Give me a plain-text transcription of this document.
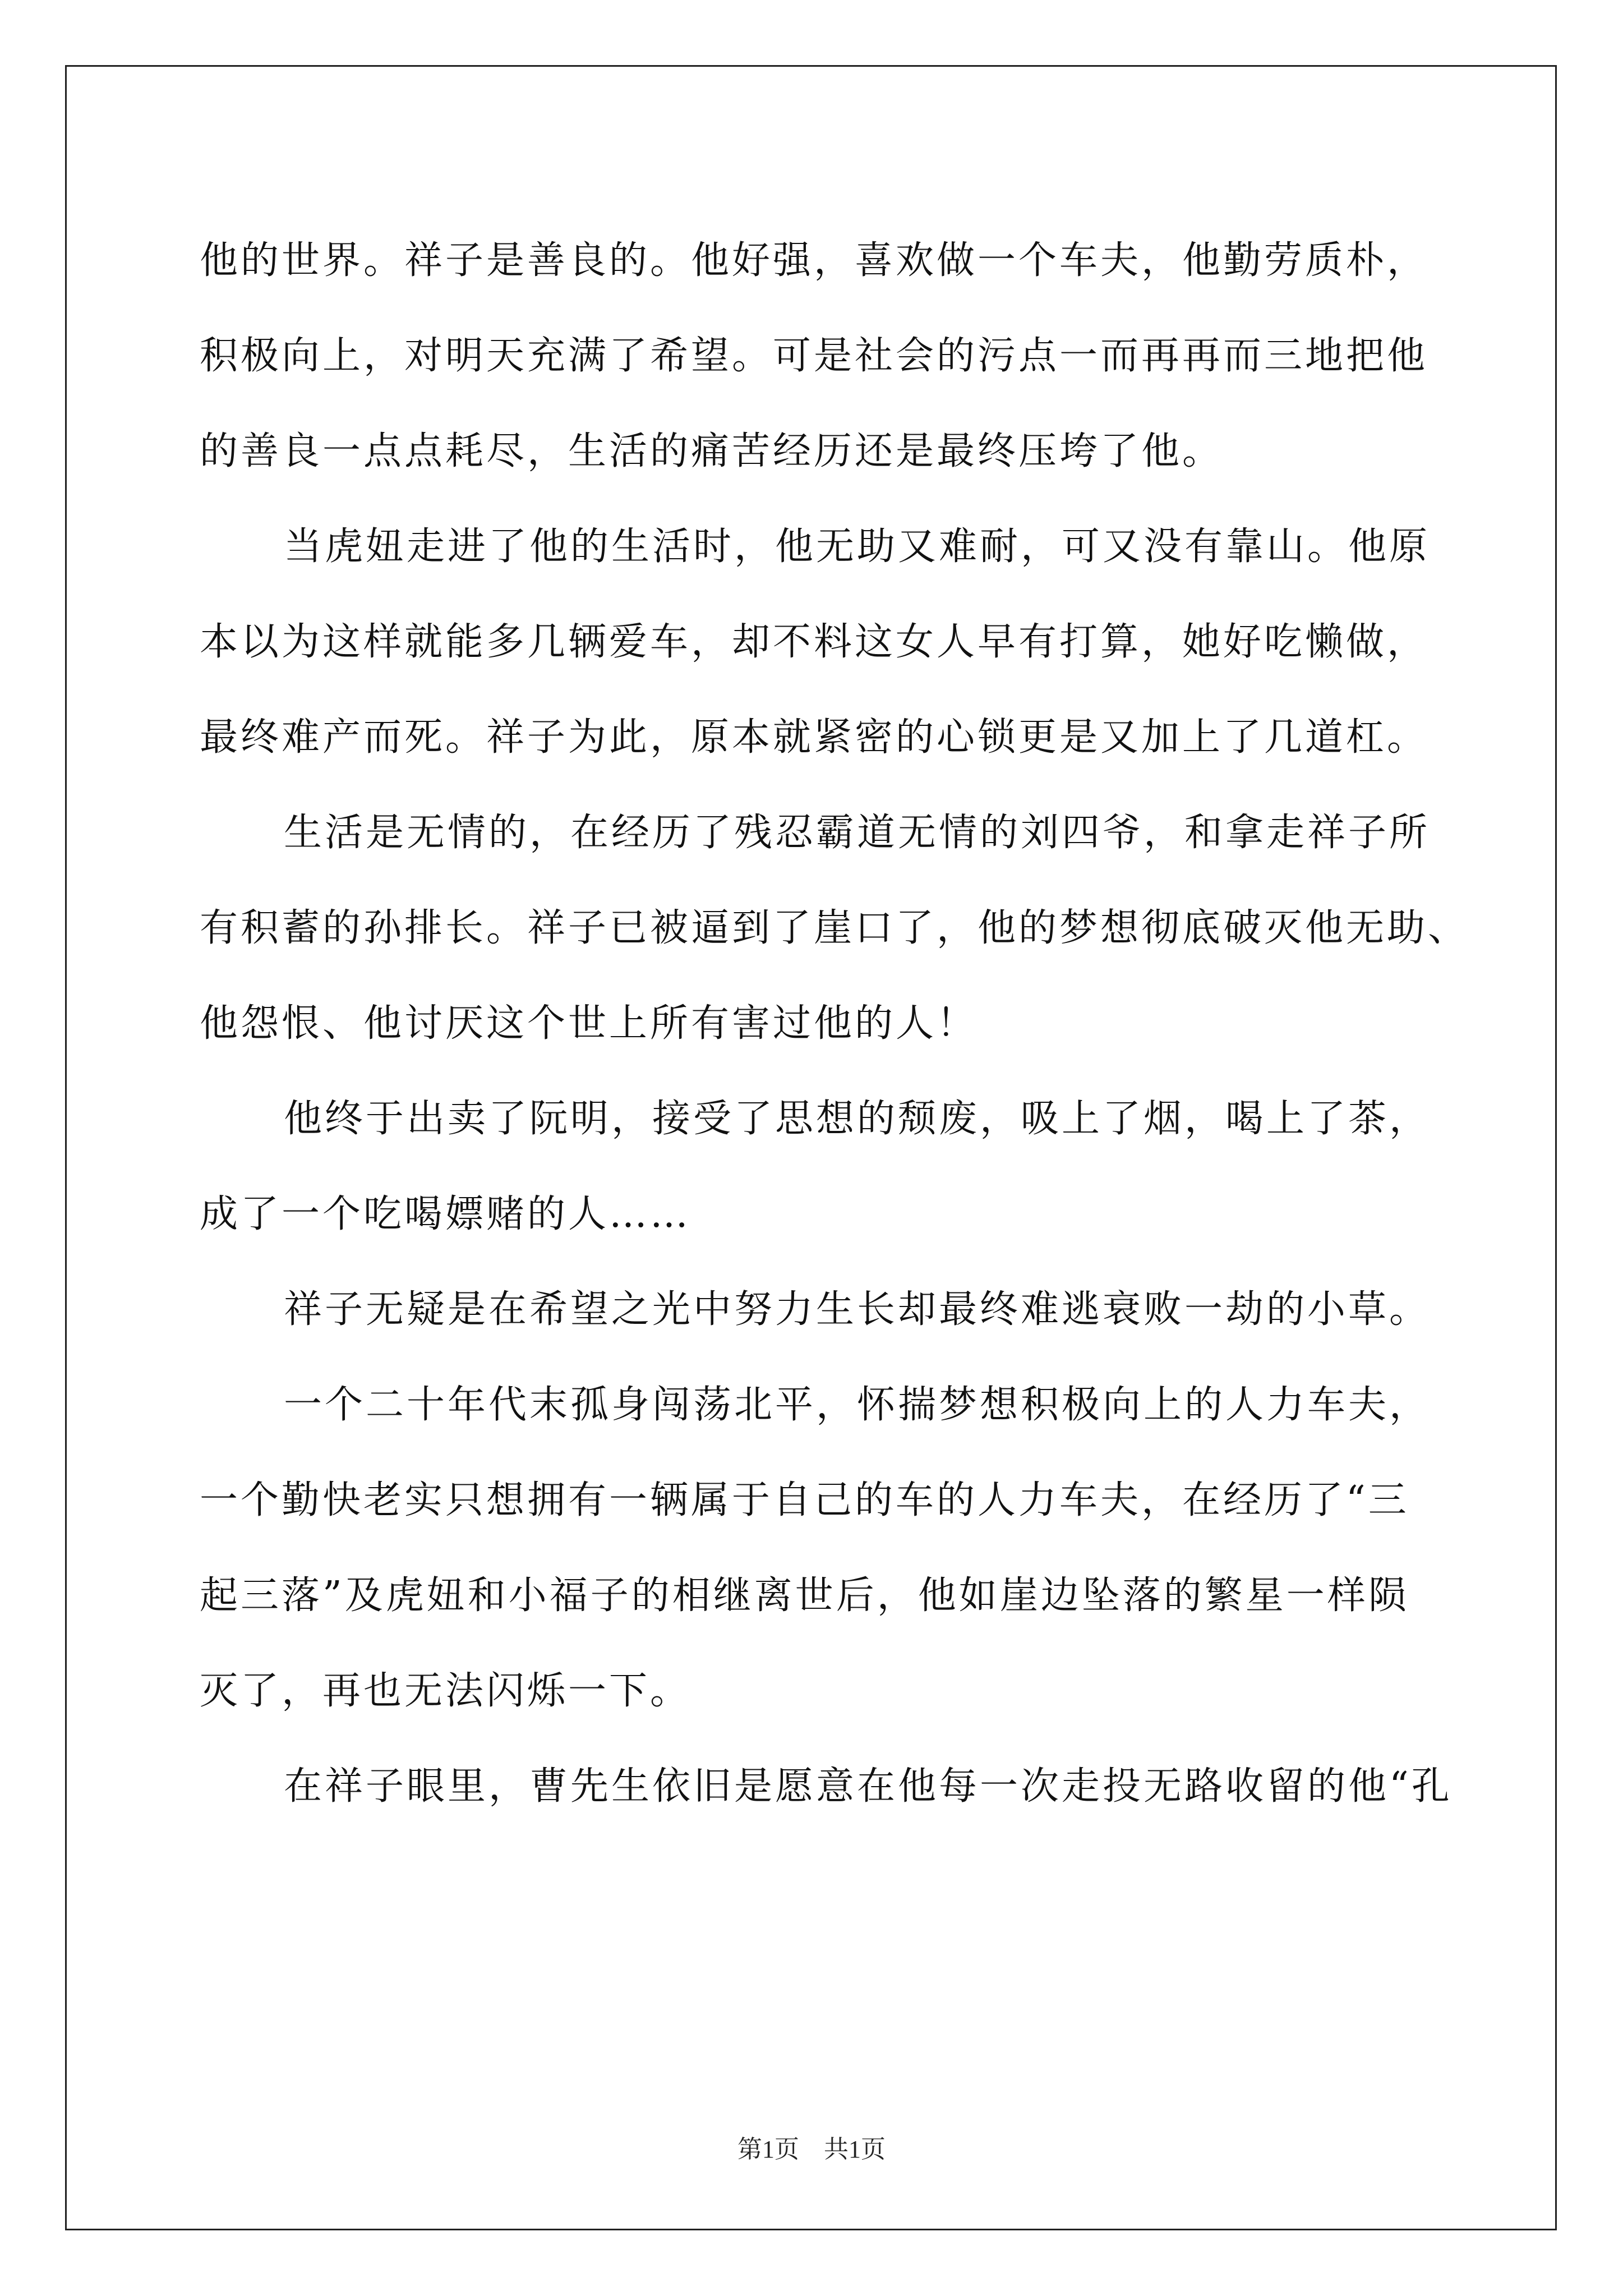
他的世界。祥子是善良的。他好强，喜欢做一个车夫，他勤劳质朴，
积极向上，对明天充满了希望。可是社会的污点一而再再而三地把他
的善良一点点耗尽，生活的痛苦经历还是最终压垮了他。
当虎妞走进了他的生活时，他无助又难耐，可又没有靠山。他原
本以为这样就能多几辆爱车，却不料这女人早有打算，她好吃懒做，
最终难产而死。祥子为此，原本就紧密的心锁更是又加上了几道杠。
生活是无情的，在经历了残忍霸道无情的刘四爷，和拿走祥子所
有积蓄的孙排长。祥子已被逼到了崖口了，他的梦想彻底破灭他无助、
他怨恨、他讨厌这个世上所有害过他的人！
他终于出卖了阮明，接受了思想的颓废，吸上了烟，喝上了茶，
成了一个吃喝嫖赌的人……
祥子无疑是在希望之光中努力生长却最终难逃衰败一劫的小草。
一个二十年代末孤身闯荡北平，怀揣梦想积极向上的人力车夫，
一个勤快老实只想拥有一辆属于自己的车的人力车夫，在经历了“三
起三落”及虎妞和小福子的相继离世后，他如崖边坠落的繁星一样陨
灭了，再也无法闪烁一下。
在祥子眼里，曹先生依旧是愿意在他每一次走投无路收留的他“孔
第1页　共1页
